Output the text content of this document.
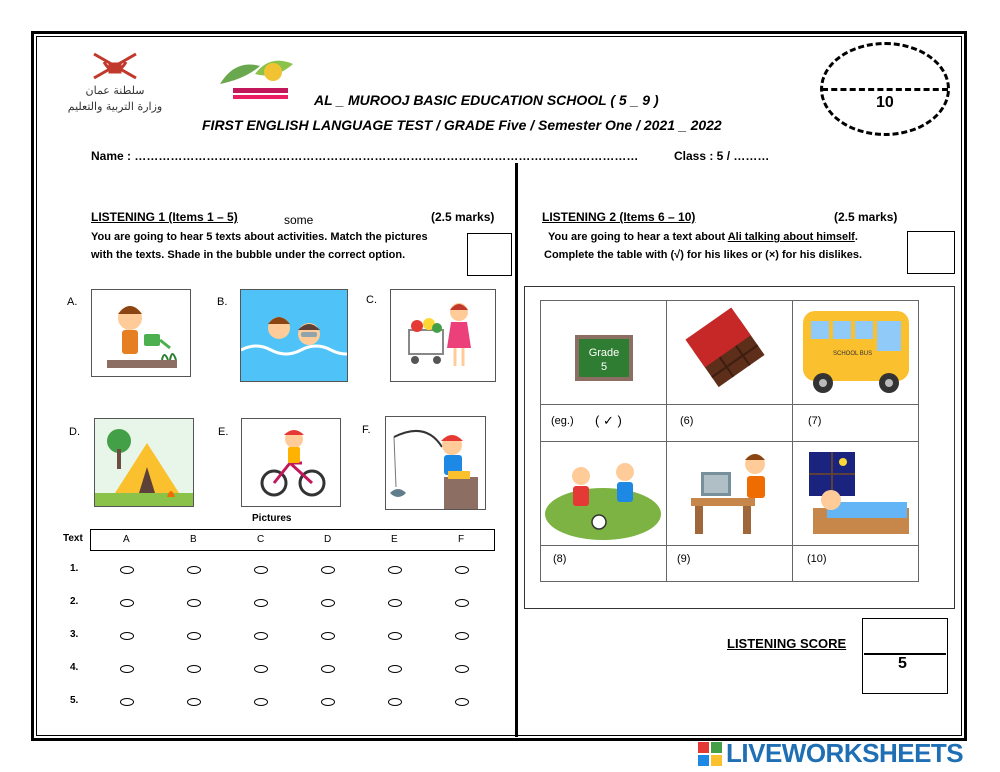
سلطنة عمان
وزارة التربية والتعليم	AL _ MUROOJ BASIC EDUCATION SCHOOL ( 5 _ 9 )
FIRST ENGLISH LANGUAGE TEST / GRADE Five / Semester One / 2021 _ 2022
10
Name : ………………………………………………………………………………………………………………	Class : 5 / ………
LISTENING 1 (Items 1 – 5)	some	(2.5 marks)
You are going to hear 5 texts about activities. Match the pictures
with the texts. Shade in the bubble under the correct option.
A.	B.	C.
D.	E.	F.
Pictures
Text	A	B	C	D	E	F
1.
2.
3.
4.
5.
LISTENING 2 (Items 6 – 10)	(2.5 marks)
You are going to hear a text about Ali talking about himself.
Complete the table with (√) for his likes or (×) for his dislikes.
Grade
5
SCHOOL BUS
(eg.) ( ✓ )	(6)	(7)
(8)	(9)	(10)
LISTENING SCORE
5
LIVEWORKSHEETS
